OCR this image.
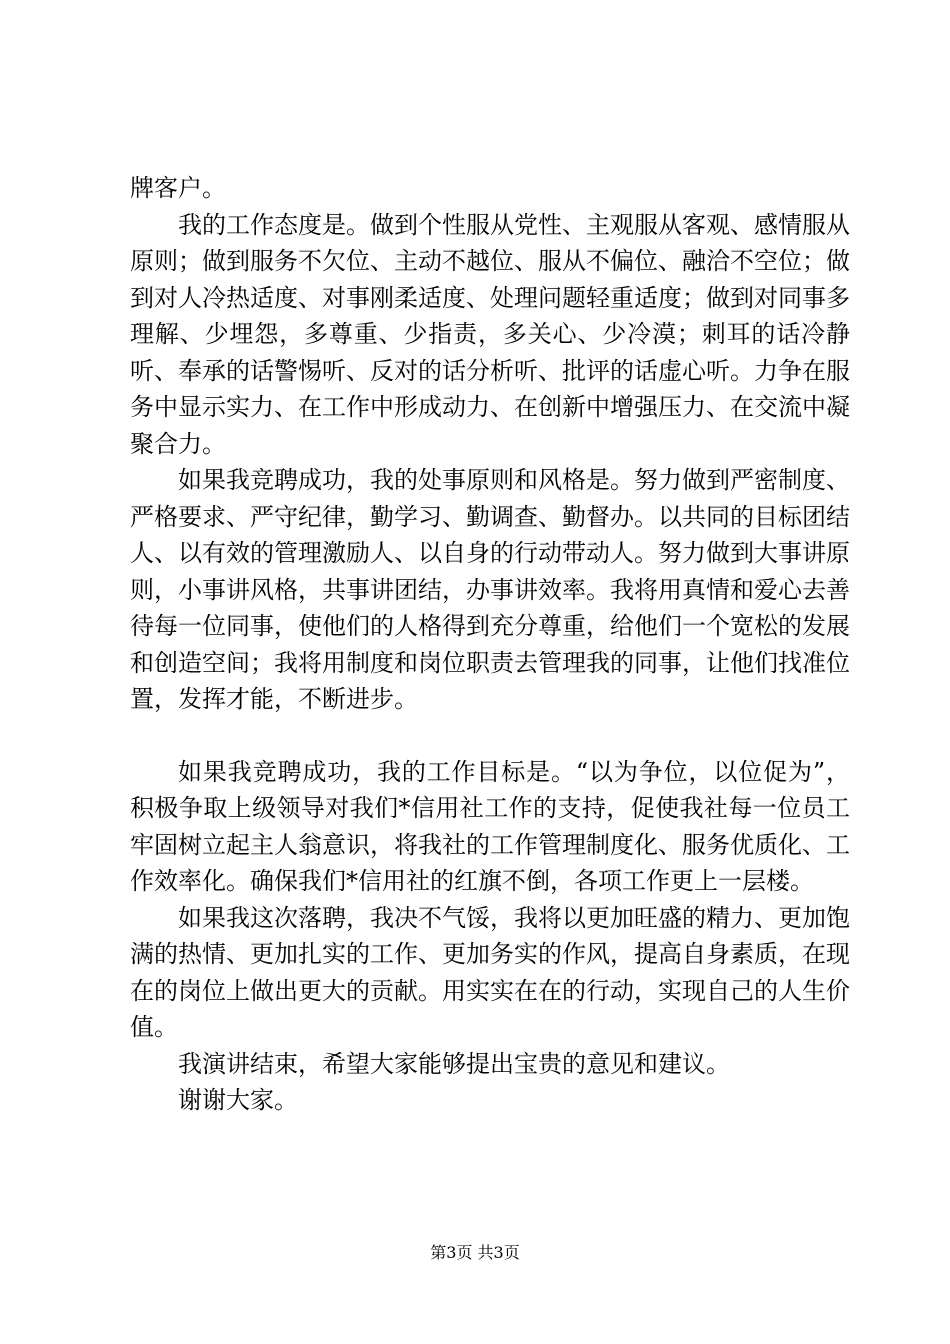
牌客户。

我的工作态度是。做到个性服从党性、主观服从客观、感情服从原则；做到服务不欠位、主动不越位、服从不偏位、融洽不空位；做到对人冷热适度、对事刚柔适度、处理问题轻重适度；做到对同事多理解、少埋怨，多尊重、少指责，多关心、少冷漠；刺耳的话冷静听、奉承的话警惕听、反对的话分析听、批评的话虚心听。力争在服务中显示实力、在工作中形成动力、在创新中增强压力、在交流中凝聚合力。

如果我竞聘成功，我的处事原则和风格是。努力做到严密制度、严格要求、严守纪律，勤学习、勤调查、勤督办。以共同的目标团结人、以有效的管理激励人、以自身的行动带动人。努力做到大事讲原则，小事讲风格，共事讲团结，办事讲效率。我将用真情和爱心去善待每一位同事，使他们的人格得到充分尊重，给他们一个宽松的发展和创造空间；我将用制度和岗位职责去管理我的同事，让他们找准位置，发挥才能，不断进步。

如果我竞聘成功，我的工作目标是。“以为争位，以位促为”，积极争取上级领导对我们*信用社工作的支持，促使我社每一位员工牢固树立起主人翁意识，将我社的工作管理制度化、服务优质化、工作效率化。确保我们*信用社的红旗不倒，各项工作更上一层楼。

如果我这次落聘，我决不气馁，我将以更加旺盛的精力、更加饱满的热情、更加扎实的工作、更加务实的作风，提高自身素质，在现在的岗位上做出更大的贡献。用实实在在的行动，实现自己的人生价值。

我演讲结束，希望大家能够提出宝贵的意见和建议。

谢谢大家。

第3页 共3页
